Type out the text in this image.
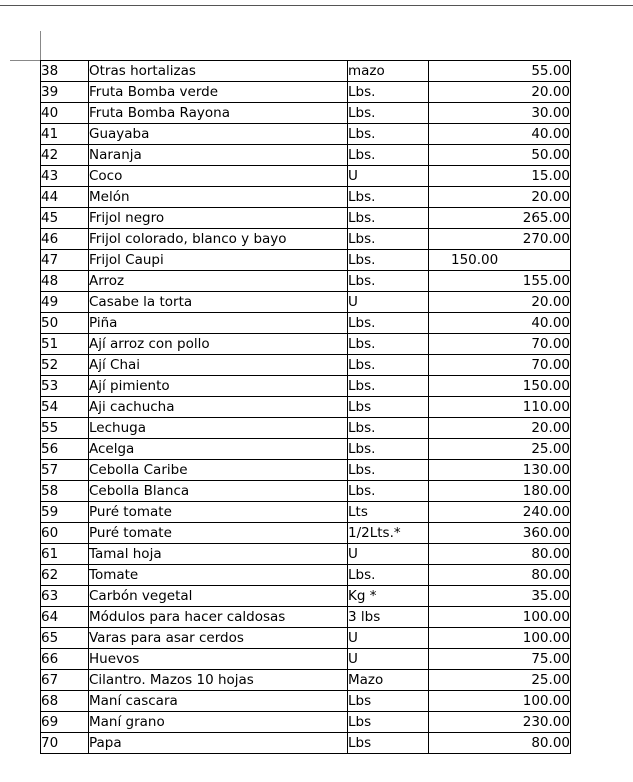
38	Otras hortalizas	mazo	55.00
39	Fruta Bomba verde	Lbs.	20.00
40	Fruta Bomba Rayona	Lbs.	30.00
41	Guayaba	Lbs.	40.00
42	Naranja	Lbs.	50.00
43	Coco	U	15.00
44	Melón	Lbs.	20.00
45	Frijol negro	Lbs.	265.00
46	Frijol colorado, blanco y bayo	Lbs.	270.00
47	Frijol Caupi	Lbs.	150.00
48	Arroz	Lbs.	155.00
49	Casabe la torta	U	20.00
50	Piña	Lbs.	40.00
51	Ají arroz con pollo	Lbs.	70.00
52	Ají Chai	Lbs.	70.00
53	Ají pimiento	Lbs.	150.00
54	Aji cachucha	Lbs	110.00
55	Lechuga	Lbs.	20.00
56	Acelga	Lbs.	25.00
57	Cebolla Caribe	Lbs.	130.00
58	Cebolla Blanca	Lbs.	180.00
59	Puré tomate	Lts	240.00
60	Puré tomate	1/2Lts.*	360.00
61	Tamal hoja	U	80.00
62	Tomate	Lbs.	80.00
63	Carbón vegetal	Kg *	35.00
64	Módulos para hacer caldosas	3 lbs	100.00
65	Varas para asar cerdos	U	100.00
66	Huevos	U	75.00
67	Cilantro. Mazos 10 hojas	Mazo	25.00
68	Maní cascara	Lbs	100.00
69	Maní grano	Lbs	230.00
70	Papa	Lbs	80.00
